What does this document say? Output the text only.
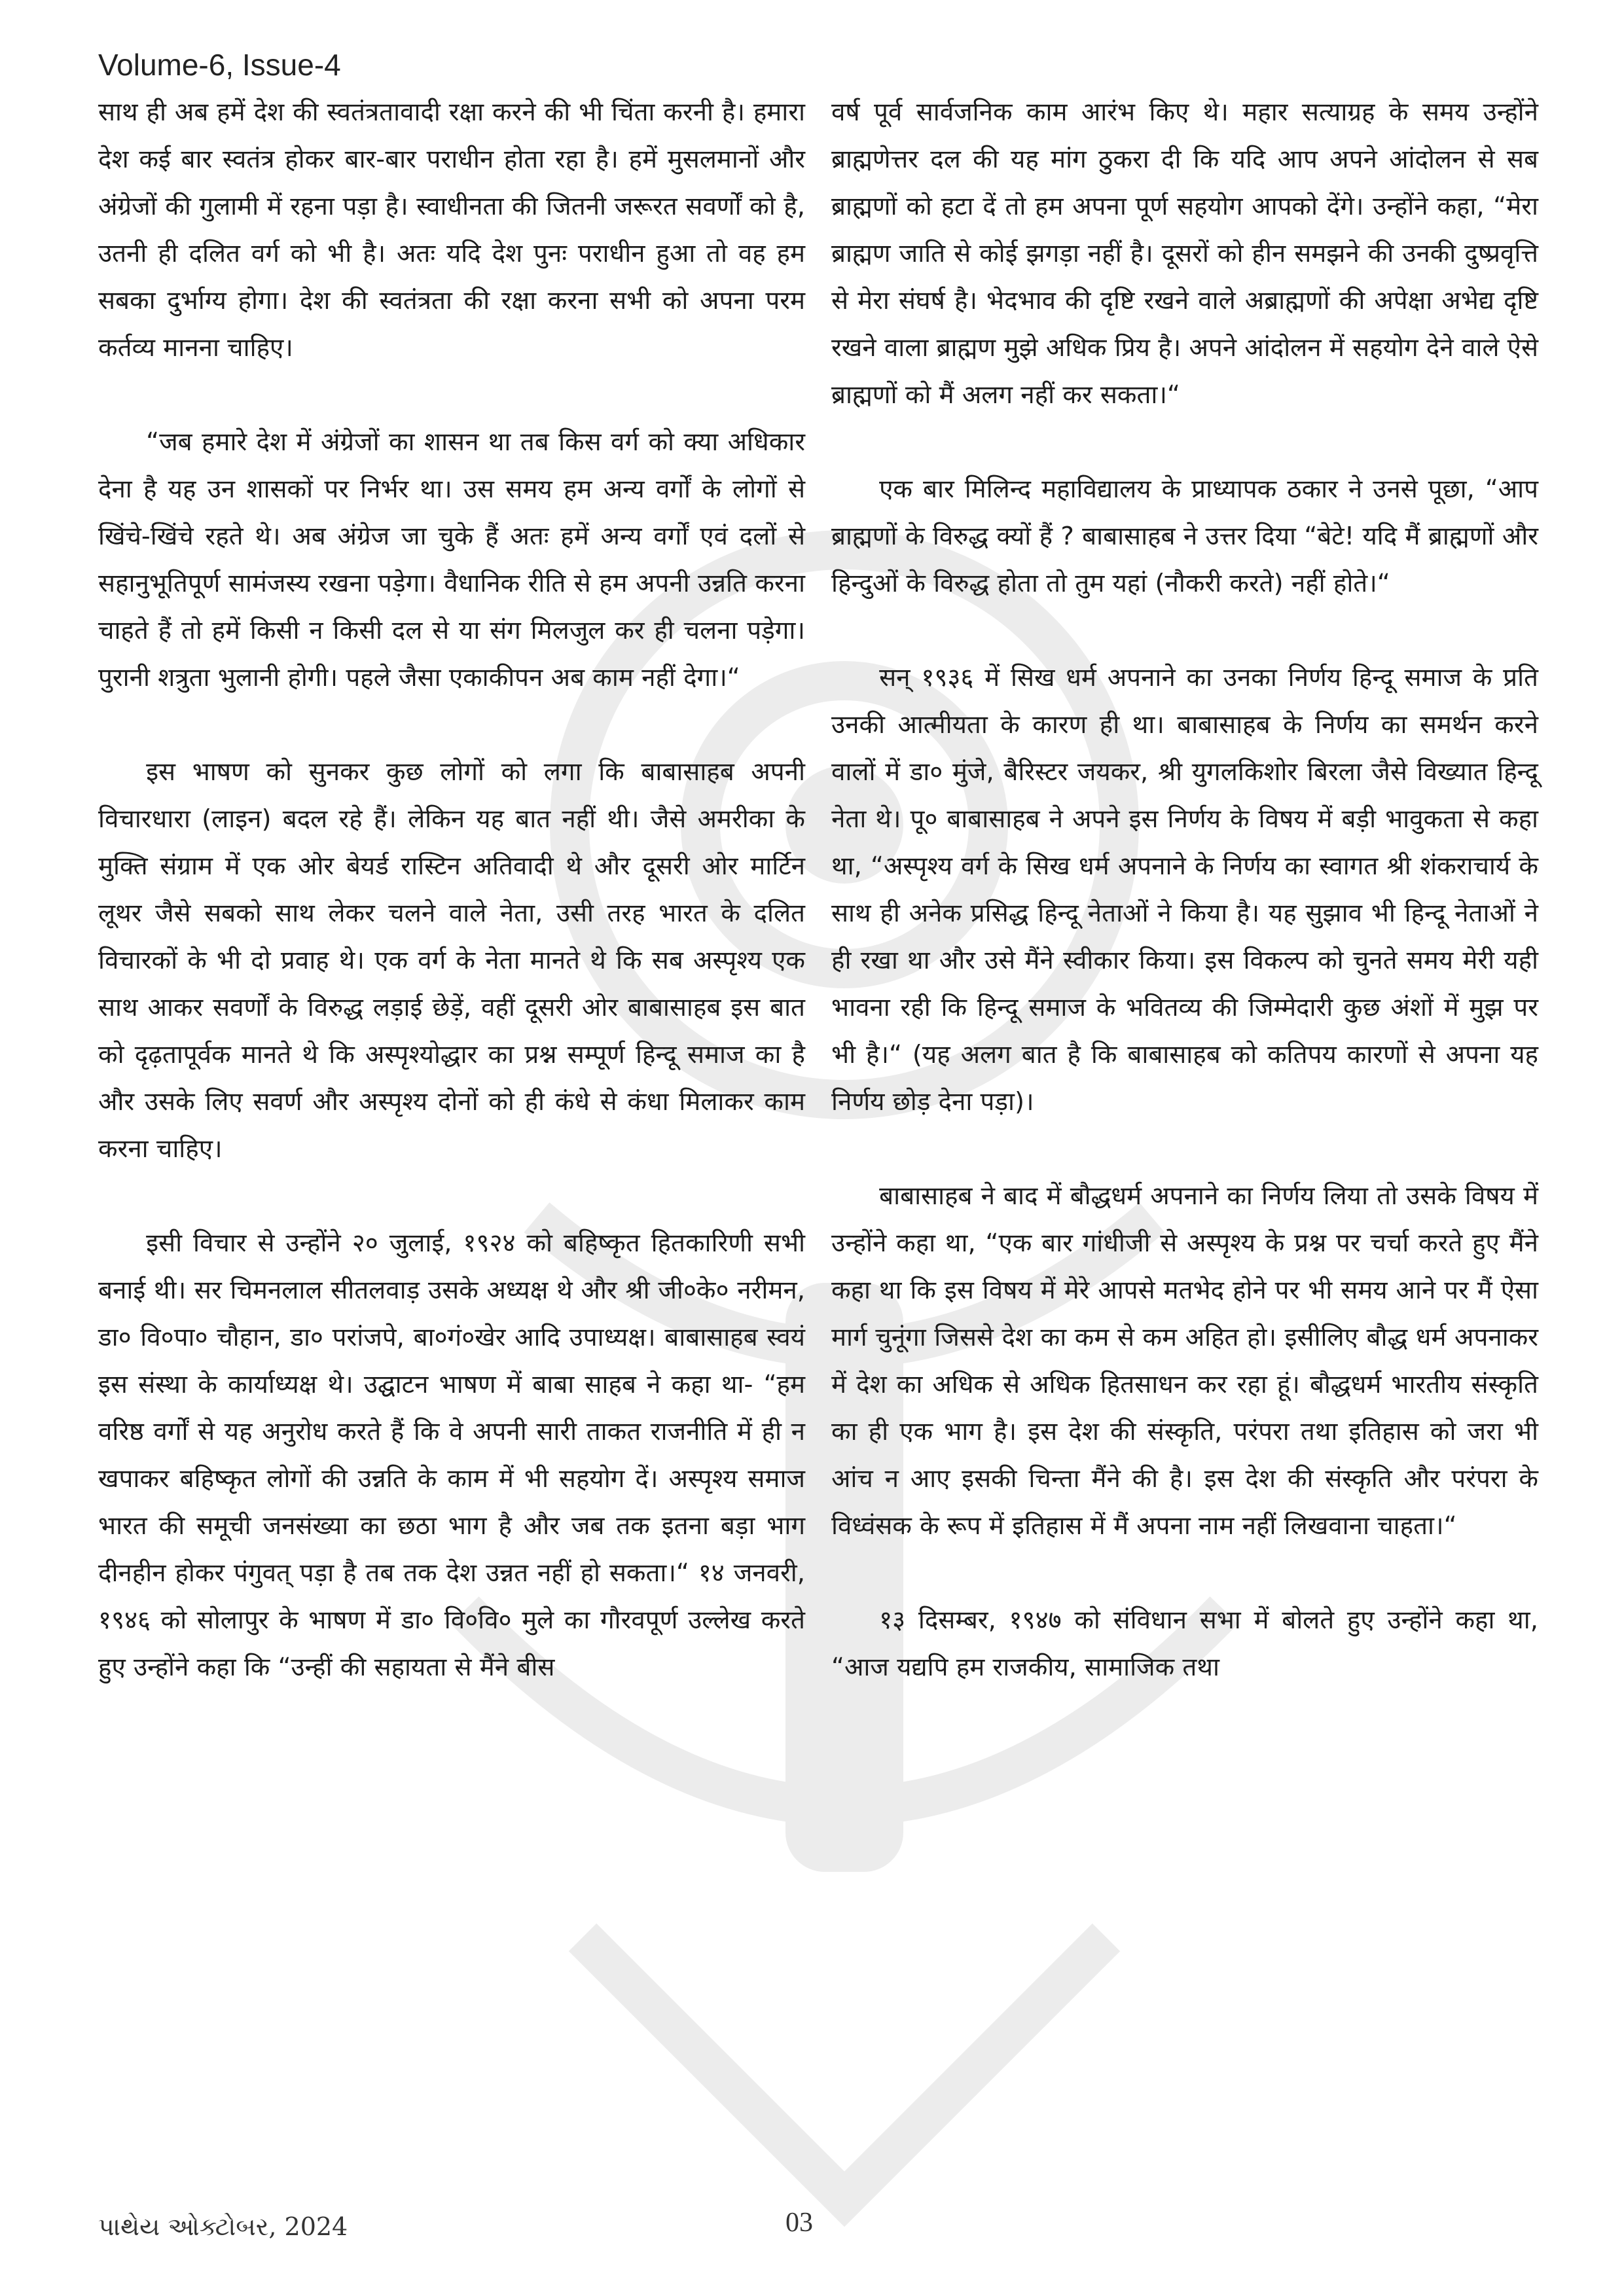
Volume-6, Issue-4

साथ ही अब हमें देश की स्वतंत्रतावादी रक्षा करने की भी चिंता करनी है। हमारा देश कई बार स्वतंत्र होकर बार-बार पराधीन होता रहा है। हमें मुसलमानों और अंग्रेजों की गुलामी में रहना पड़ा है। स्वाधीनता की जितनी जरूरत सवर्णों को है, उतनी ही दलित वर्ग को भी है। अतः यदि देश पुनः पराधीन हुआ तो वह हम सबका दुर्भाग्य होगा। देश की स्वतंत्रता की रक्षा करना सभी को अपना परम कर्तव्य मानना चाहिए।

“जब हमारे देश में अंग्रेजों का शासन था तब किस वर्ग को क्या अधिकार देना है यह उन शासकों पर निर्भर था। उस समय हम अन्य वर्गों के लोगों से खिंचे-खिंचे रहते थे। अब अंग्रेज जा चुके हैं अतः हमें अन्य वर्गों एवं दलों से सहानुभूतिपूर्ण सामंजस्य रखना पड़ेगा। वैधानिक रीति से हम अपनी उन्नति करना चाहते हैं तो हमें किसी न किसी दल से या संग मिलजुल कर ही चलना पड़ेगा। पुरानी शत्रुता भुलानी होगी। पहले जैसा एकाकीपन अब काम नहीं देगा।“

इस भाषण को सुनकर कुछ लोगों को लगा कि बाबासाहब अपनी विचारधारा (लाइन) बदल रहे हैं। लेकिन यह बात नहीं थी। जैसे अमरीका के मुक्ति संग्राम में एक ओर बेयर्ड रास्टिन अतिवादी थे और दूसरी ओर मार्टिन लूथर जैसे सबको साथ लेकर चलने वाले नेता, उसी तरह भारत के दलित विचारकों के भी दो प्रवाह थे। एक वर्ग के नेता मानते थे कि सब अस्पृश्य एक साथ आकर सवर्णों के विरुद्ध लड़ाई छेड़ें, वहीं दूसरी ओर बाबासाहब इस बात को दृढ़तापूर्वक मानते थे कि अस्पृश्योद्धार का प्रश्न सम्पूर्ण हिन्दू समाज का है और उसके लिए सवर्ण और अस्पृश्य दोनों को ही कंधे से कंधा मिलाकर काम करना चाहिए।

इसी विचार से उन्होंने २० जुलाई, १९२४ को बहिष्कृत हितकारिणी सभी बनाई थी। सर चिमनलाल सीतलवाड़ उसके अध्यक्ष थे और श्री जी०के० नरीमन, डा० वि०पा० चौहान, डा० परांजपे, बा०गं०खेर आदि उपाध्यक्ष। बाबासाहब स्वयं इस संस्था के कार्याध्यक्ष थे। उद्घाटन भाषण में बाबा साहब ने कहा था- “हम वरिष्ठ वर्गों से यह अनुरोध करते हैं कि वे अपनी सारी ताकत राजनीति में ही न खपाकर बहिष्कृत लोगों की उन्नति के काम में भी सहयोग दें। अस्पृश्य समाज भारत की समूची जनसंख्या का छठा भाग है और जब तक इतना बड़ा भाग दीनहीन होकर पंगुवत् पड़ा है तब तक देश उन्नत नहीं हो सकता।“ १४ जनवरी, १९४६ को सोलापुर के भाषण में डा० वि०वि० मुले का गौरवपूर्ण उल्लेख करते हुए उन्होंने कहा कि “उन्हीं की सहायता से मैंने बीस

वर्ष पूर्व सार्वजनिक काम आरंभ किए थे। महार सत्याग्रह के समय उन्होंने ब्राह्मणेत्तर दल की यह मांग ठुकरा दी कि यदि आप अपने आंदोलन से सब ब्राह्मणों को हटा दें तो हम अपना पूर्ण सहयोग आपको देंगे। उन्होंने कहा, “मेरा ब्राह्मण जाति से कोई झगड़ा नहीं है। दूसरों को हीन समझने की उनकी दुष्प्रवृत्ति से मेरा संघर्ष है। भेदभाव की दृष्टि रखने वाले अब्राह्मणों की अपेक्षा अभेद्य दृष्टि रखने वाला ब्राह्मण मुझे अधिक प्रिय है। अपने आंदोलन में सहयोग देने वाले ऐसे ब्राह्मणों को मैं अलग नहीं कर सकता।“

एक बार मिलिन्द महाविद्यालय के प्राध्यापक ठकार ने उनसे पूछा, “आप ब्राह्मणों के विरुद्ध क्यों हैं ? बाबासाहब ने उत्तर दिया “बेटे! यदि मैं ब्राह्मणों और हिन्दुओं के विरुद्ध होता तो तुम यहां (नौकरी करते) नहीं होते।“

सन् १९३६ में सिख धर्म अपनाने का उनका निर्णय हिन्दू समाज के प्रति उनकी आत्मीयता के कारण ही था। बाबासाहब के निर्णय का समर्थन करने वालों में डा० मुंजे, बैरिस्टर जयकर, श्री युगलकिशोर बिरला जैसे विख्यात हिन्दू नेता थे। पू० बाबासाहब ने अपने इस निर्णय के विषय में बड़ी भावुकता से कहा था, “अस्पृश्य वर्ग के सिख धर्म अपनाने के निर्णय का स्वागत श्री शंकराचार्य के साथ ही अनेक प्रसिद्ध हिन्दू नेताओं ने किया है। यह सुझाव भी हिन्दू नेताओं ने ही रखा था और उसे मैंने स्वीकार किया। इस विकल्प को चुनते समय मेरी यही भावना रही कि हिन्दू समाज के भवितव्य की जिम्मेदारी कुछ अंशों में मुझ पर भी है।“ (यह अलग बात है कि बाबासाहब को कतिपय कारणों से अपना यह निर्णय छोड़ देना पड़ा)।

बाबासाहब ने बाद में बौद्धधर्म अपनाने का निर्णय लिया तो उसके विषय में उन्होंने कहा था, “एक बार गांधीजी से अस्पृश्य के प्रश्न पर चर्चा करते हुए मैंने कहा था कि इस विषय में मेरे आपसे मतभेद होने पर भी समय आने पर मैं ऐसा मार्ग चुनूंगा जिससे देश का कम से कम अहित हो। इसीलिए बौद्ध धर्म अपनाकर में देश का अधिक से अधिक हितसाधन कर रहा हूं। बौद्धधर्म भारतीय संस्कृति का ही एक भाग है। इस देश की संस्कृति, परंपरा तथा इतिहास को जरा भी आंच न आए इसकी चिन्ता मैंने की है। इस देश की संस्कृति और परंपरा के विध्वंसक के रूप में इतिहास में मैं अपना नाम नहीं लिखवाना चाहता।“

१३ दिसम्बर, १९४७ को संविधान सभा में बोलते हुए उन्होंने कहा था, “आज यद्यपि हम राजकीय, सामाजिक तथा

પાથેય ઓક્ટોબર, 2024	03
